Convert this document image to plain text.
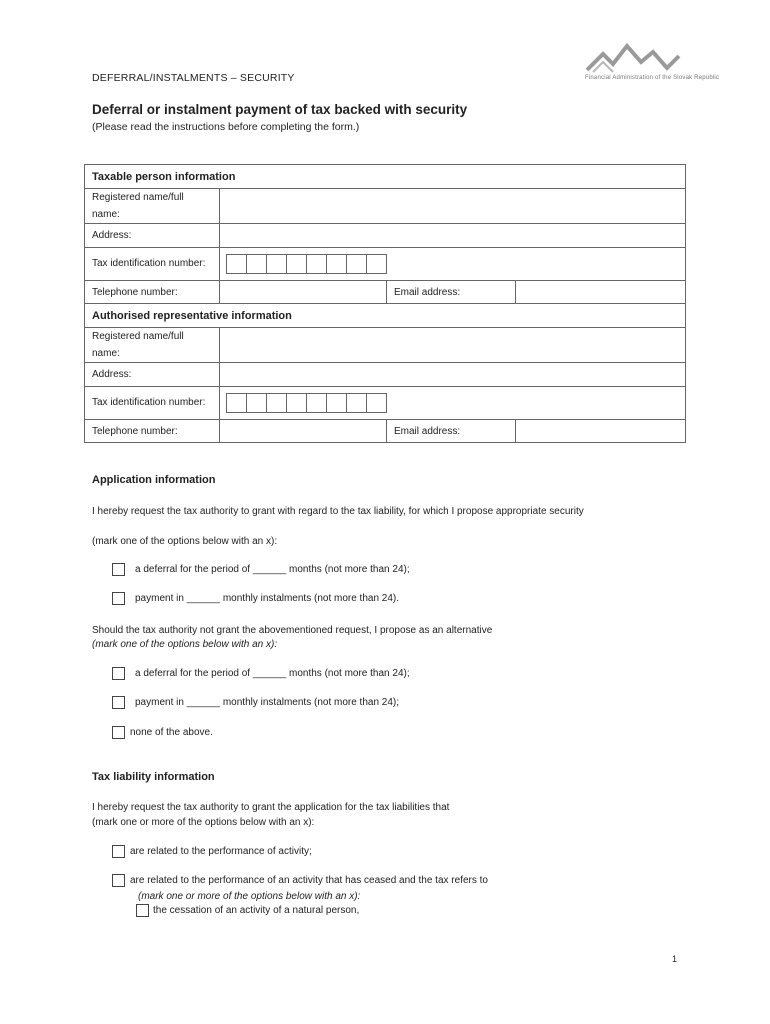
DEFERRAL/INSTALMENTS – SECURITY	Financial Administration of the Slovak Republic
Deferral or instalment payment of tax backed with security
(Please read the instructions before completing the form.)
Taxable person information			
Registered name/full name:			
Address:			
Tax identification number:			

Telephone number:		Email address:	
Authorised representative information			
Registered name/full name:			
Address:			
Tax identification number:			

Telephone number:		Email address:	
Application information
I hereby request the tax authority to grant with regard to the tax liability, for which I propose appropriate security
(mark one of the options below with an x):
a deferral for the period of ______ months (not more than 24);
payment in ______ monthly instalments (not more than 24).
Should the tax authority not grant the abovementioned request, I propose as an alternative
(mark one of the options below with an x):
a deferral for the period of ______ months (not more than 24);
payment in ______ monthly instalments (not more than 24);
none of the above.
Tax liability information
I hereby request the tax authority to grant the application for the tax liabilities that
(mark one or more of the options below with an x):
are related to the performance of activity;
are related to the performance of an activity that has ceased and the tax refers to
(mark one or more of the options below with an x):
the cessation of an activity of a natural person,
1
